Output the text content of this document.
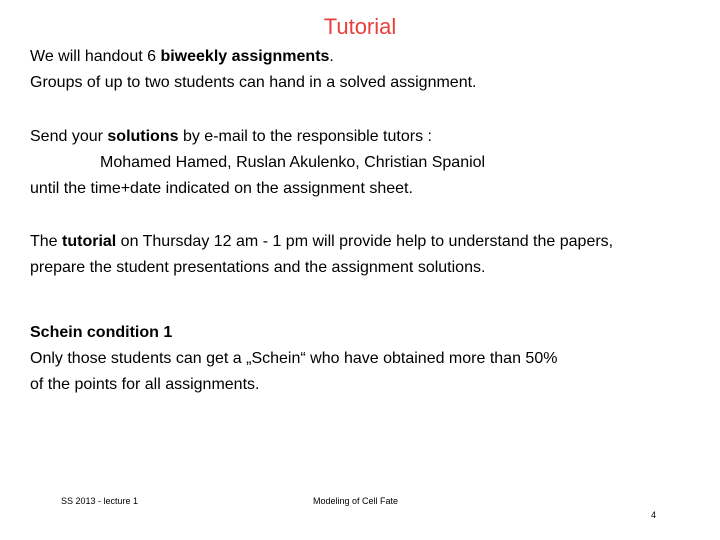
Tutorial
We will handout 6 biweekly assignments.
Groups of up to two students can hand in a solved assignment.
Send your solutions by e-mail to the responsible tutors :
Mohamed Hamed, Ruslan Akulenko, Christian Spaniol
until the time+date indicated on the assignment sheet.
The tutorial on Thursday 12 am - 1 pm will provide help to understand the papers,
prepare the student presentations and the assignment solutions.
Schein condition 1
Only those students can get a „Schein“ who have obtained more than 50%
of the points for all assignments.
SS 2013 - lecture 1	Modeling of Cell Fate
4
